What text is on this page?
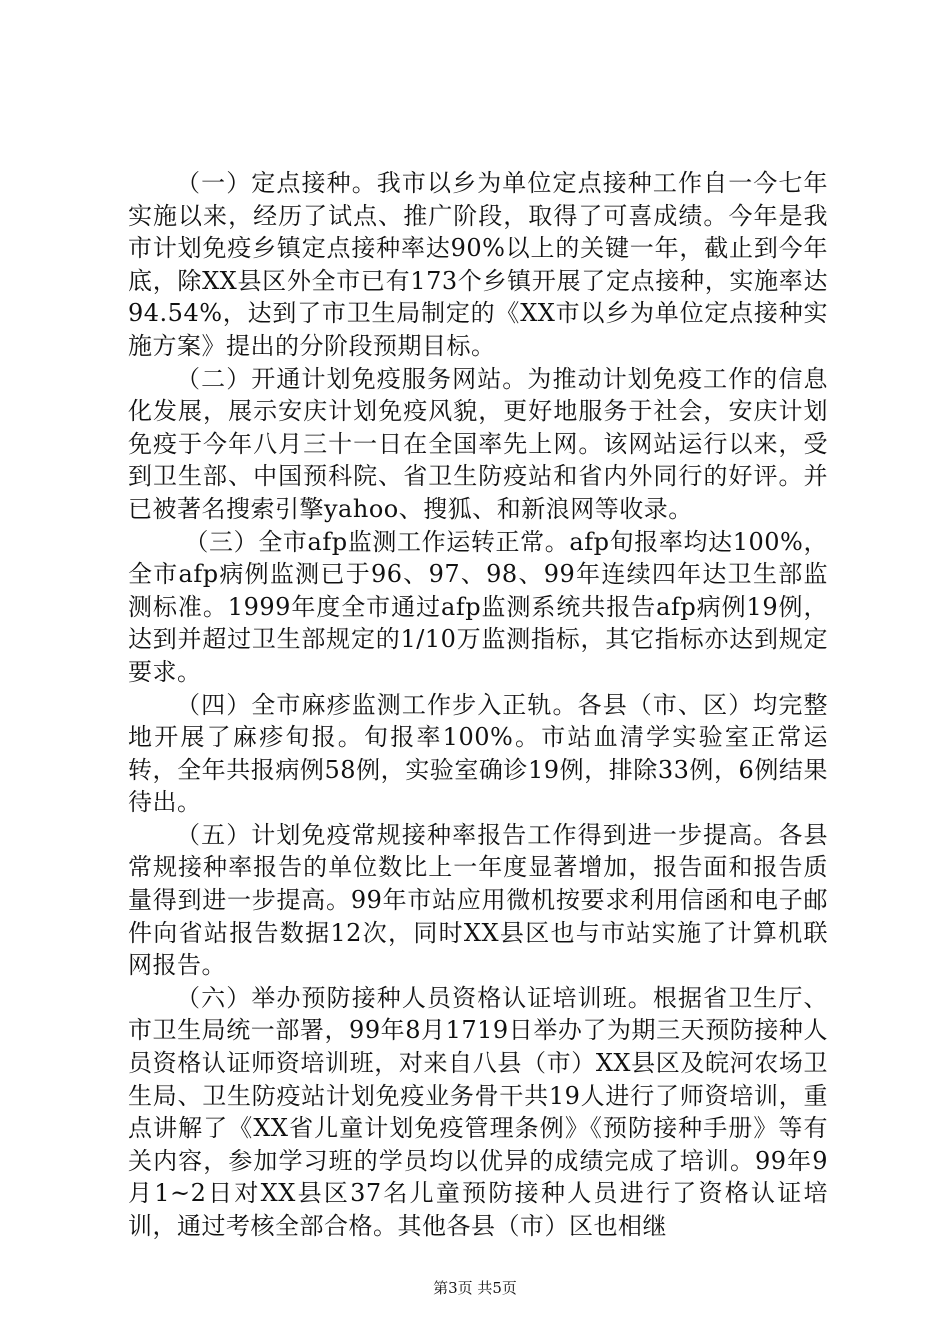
（一）定点接种。我市以乡为单位定点接种工作自一今七年实施以来，经历了试点、推广阶段，取得了可喜成绩。今年是我市计划免疫乡镇定点接种率达90%以上的关键一年，截止到今年底，除XX县区外全市已有173个乡镇开展了定点接种，实施率达94.54%，达到了市卫生局制定的《XX市以乡为单位定点接种实施方案》提出的分阶段预期目标。

（二）开通计划免疫服务网站。为推动计划免疫工作的信息化发展，展示安庆计划免疫风貌，更好地服务于社会，安庆计划免疫于今年八月三十一日在全国率先上网。该网站运行以来，受到卫生部、中国预科院、省卫生防疫站和省内外同行的好评。并已被著名搜索引擎yahoo、搜狐、和新浪网等收录。

（三）全市afp监测工作运转正常。afp旬报率均达100%，全市afp病例监测已于96、97、98、99年连续四年达卫生部监测标准。1999年度全市通过afp监测系统共报告afp病例19例，达到并超过卫生部规定的1/10万监测指标，其它指标亦达到规定要求。

（四）全市麻疹监测工作步入正轨。各县（市、区）均完整地开展了麻疹旬报。旬报率100%。市站血清学实验室正常运转，全年共报病例58例，实验室确诊19例，排除33例，6例结果待出。

（五）计划免疫常规接种率报告工作得到进一步提高。各县常规接种率报告的单位数比上一年度显著增加，报告面和报告质量得到进一步提高。99年市站应用微机按要求利用信函和电子邮件向省站报告数据12次，同时XX县区也与市站实施了计算机联网报告。

（六）举办预防接种人员资格认证培训班。根据省卫生厅、市卫生局统一部署，99年8月1719日举办了为期三天预防接种人员资格认证师资培训班，对来自八县（市）XX县区及皖河农场卫生局、卫生防疫站计划免疫业务骨干共19人进行了师资培训，重点讲解了《XX省儿童计划免疫管理条例》《预防接种手册》等有关内容，参加学习班的学员均以优异的成绩完成了培训。99年9月1~2日对XX县区37名儿童预防接种人员进行了资格认证培训，通过考核全部合格。其他各县（市）区也相继

第3页 共5页
